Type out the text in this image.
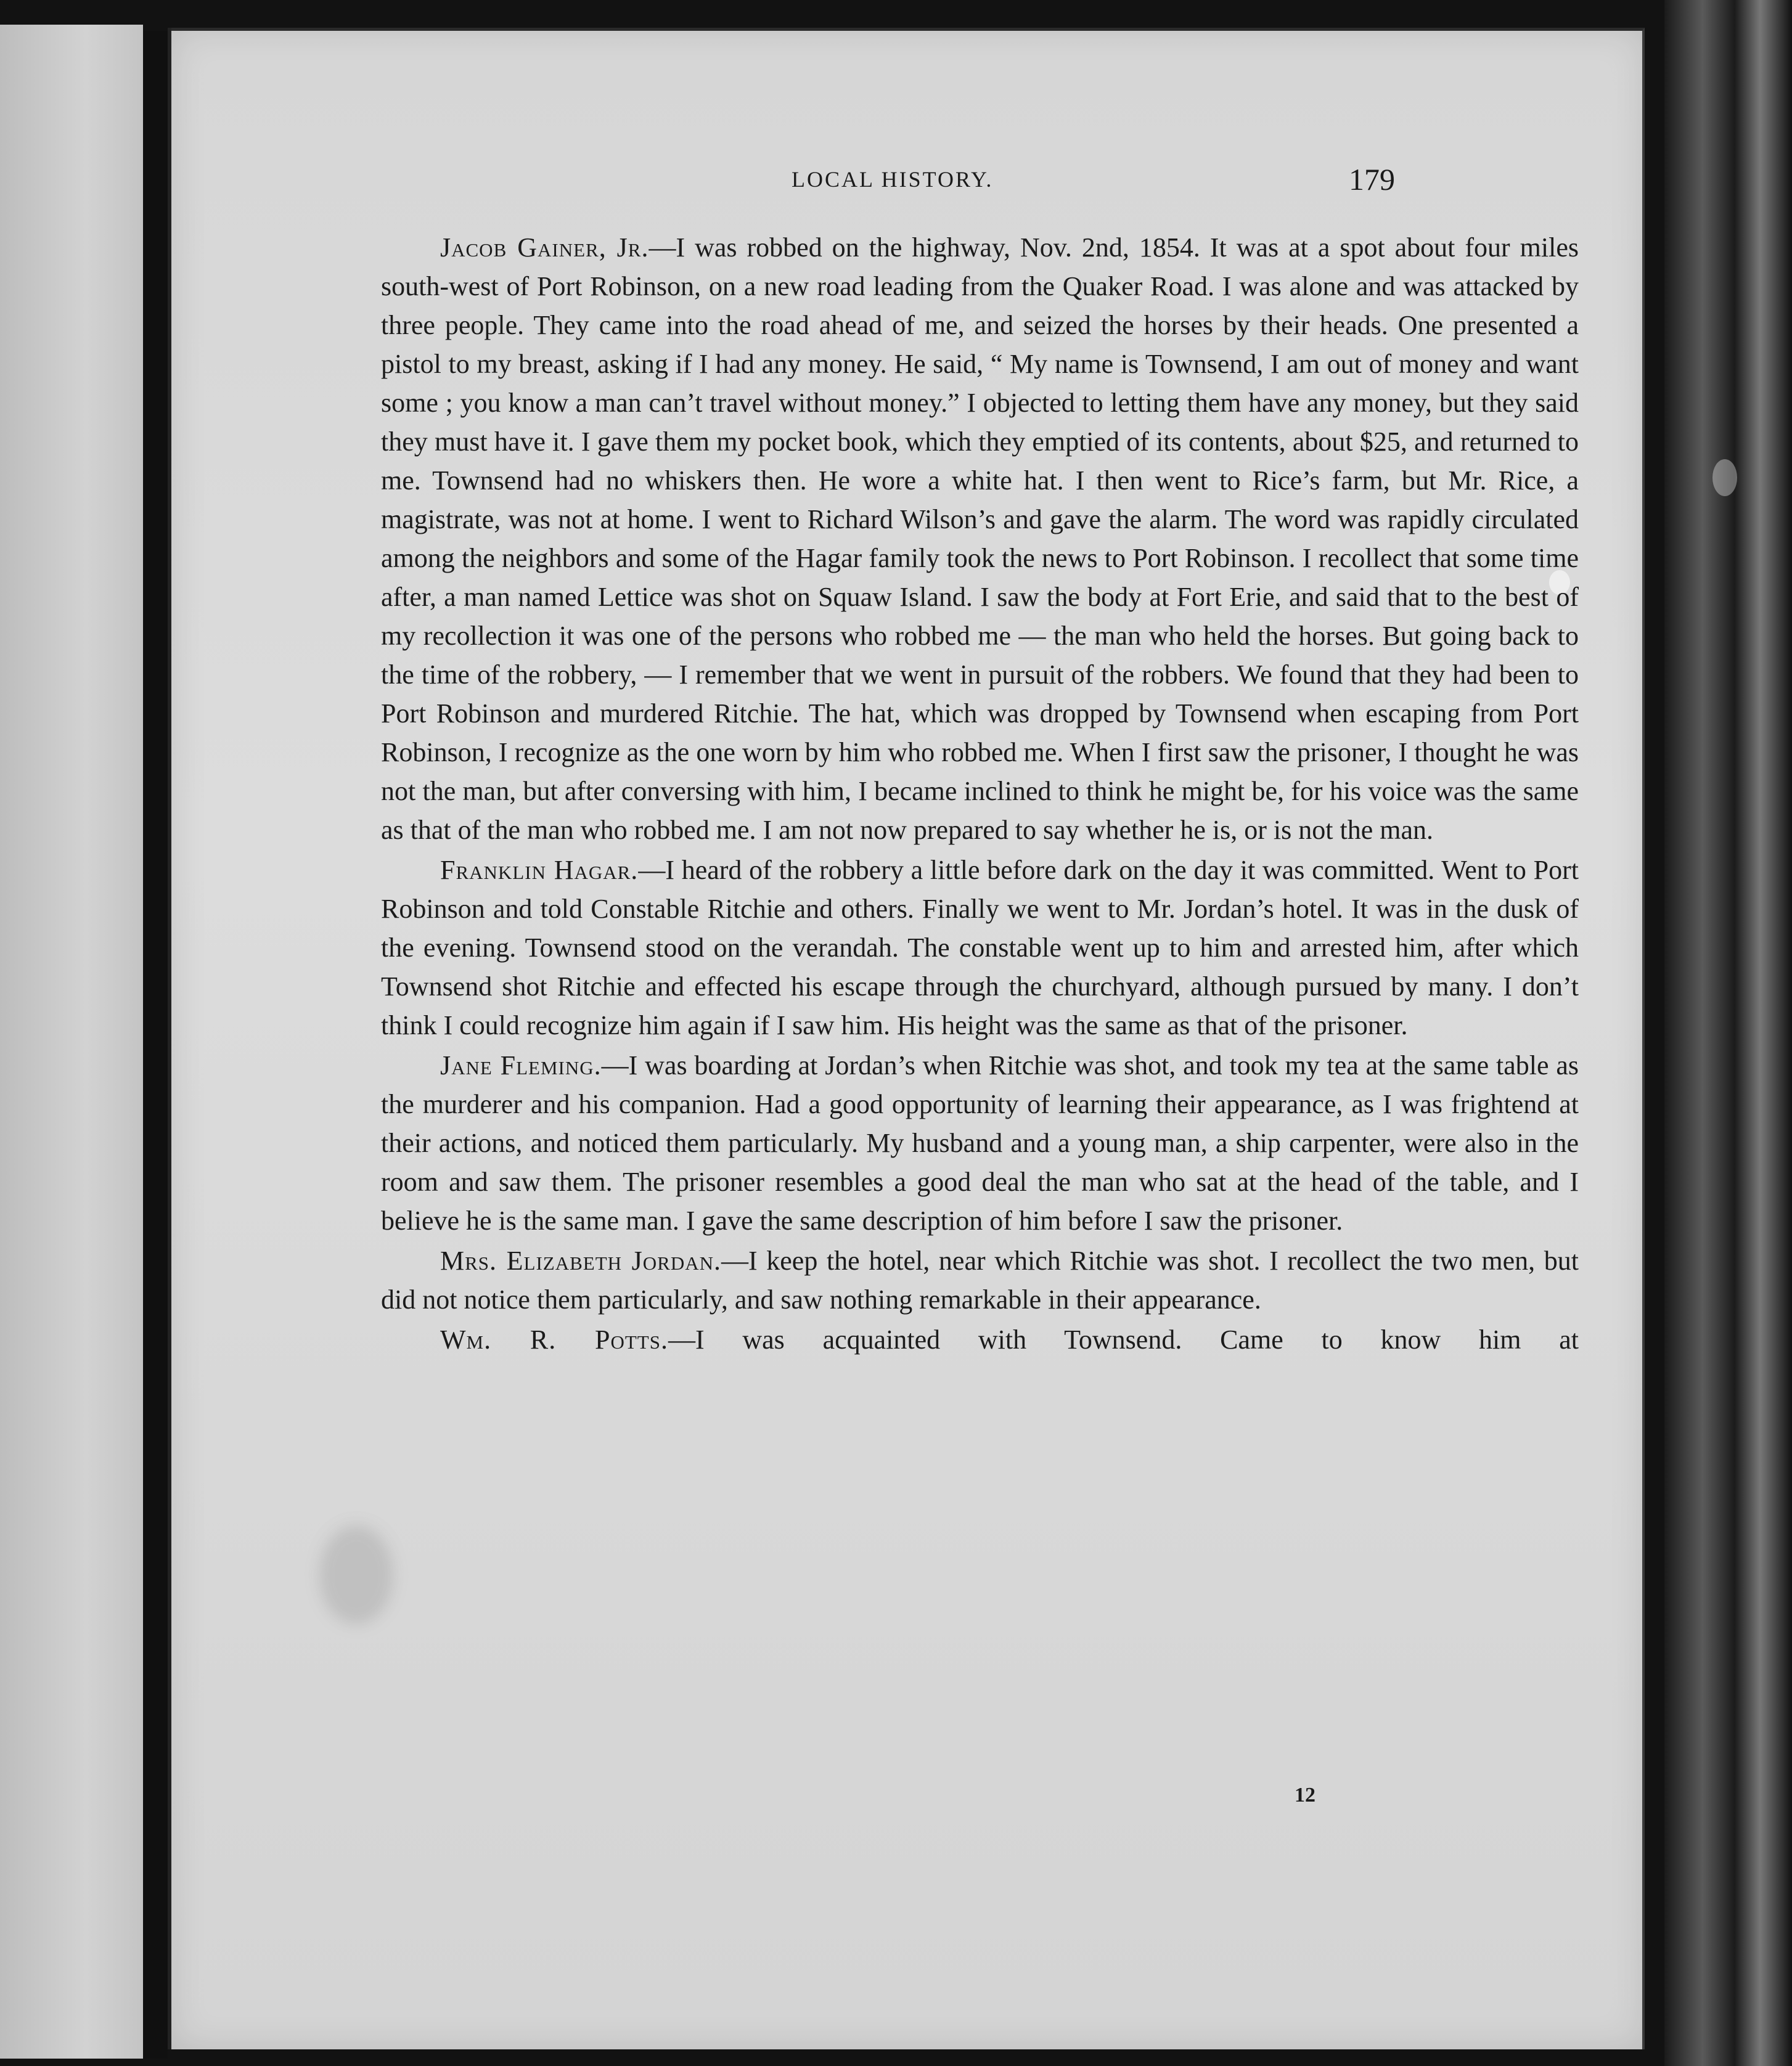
LOCAL HISTORY.	179

Jacob Gainer, Jr.—I was robbed on the highway, Nov. 2nd, 1854. It was at a spot about four miles south-west of Port Robinson, on a new road leading from the Quaker Road. I was alone and was attacked by three people. They came into the road ahead of me, and seized the horses by their heads. One presented a pistol to my breast, asking if I had any money. He said, “ My name is Townsend, I am out of money and want some ; you know a man can’t travel without money.” I objected to letting them have any money, but they said they must have it. I gave them my pocket book, which they emptied of its contents, about $25, and returned to me. Townsend had no whiskers then. He wore a white hat. I then went to Rice’s farm, but Mr. Rice, a magistrate, was not at home. I went to Richard Wilson’s and gave the alarm. The word was rapidly circulated among the neighbors and some of the Hagar family took the news to Port Robinson. I recollect that some time after, a man named Lettice was shot on Squaw Island. I saw the body at Fort Erie, and said that to the best of my recollection it was one of the persons who robbed me — the man who held the horses. But going back to the time of the robbery, — I remember that we went in pursuit of the robbers. We found that they had been to Port Robinson and murdered Ritchie. The hat, which was dropped by Townsend when escaping from Port Robinson, I recognize as the one worn by him who robbed me. When I first saw the prisoner, I thought he was not the man, but after conversing with him, I became inclined to think he might be, for his voice was the same as that of the man who robbed me. I am not now prepared to say whether he is, or is not the man.

Franklin Hagar.—I heard of the robbery a little before dark on the day it was committed. Went to Port Robinson and told Constable Ritchie and others. Finally we went to Mr. Jordan’s hotel. It was in the dusk of the evening. Townsend stood on the verandah. The constable went up to him and arrested him, after which Townsend shot Ritchie and effected his escape through the churchyard, although pursued by many. I don’t think I could recognize him again if I saw him. His height was the same as that of the prisoner.

Jane Fleming.—I was boarding at Jordan’s when Ritchie was shot, and took my tea at the same table as the murderer and his companion. Had a good opportunity of learning their appearance, as I was frightend at their actions, and noticed them particularly. My husband and a young man, a ship carpenter, were also in the room and saw them. The prisoner resembles a good deal the man who sat at the head of the table, and I believe he is the same man. I gave the same description of him before I saw the prisoner.

Mrs. Elizabeth Jordan.—I keep the hotel, near which Ritchie was shot. I recollect the two men, but did not notice them particularly, and saw nothing remarkable in their appearance.

Wm. R. Potts.—I was acquainted with Townsend. Came to know him at

12
